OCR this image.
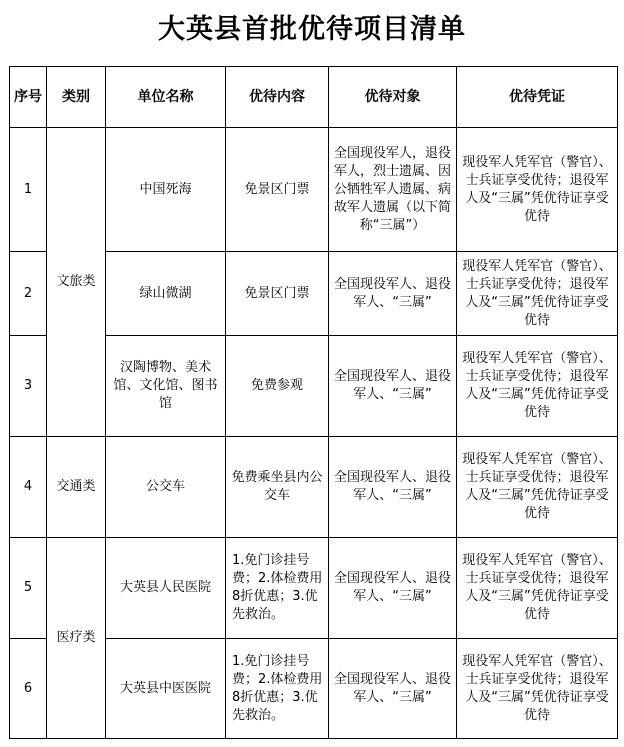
大英县首批优待项目清单
序号	类别	单位名称	优待内容	优待对象	优待凭证
1	文旅类	中国死海	免景区门票	全国现役军人，退役军人，烈士遗属、因公牺牲军人遗属、病故军人遗属（以下简称“三属”）	现役军人凭军官（警官）、士兵证享受优待；退役军人及“三属”凭优待证享受优待
2		绿山微湖	免景区门票	全国现役军人、退役军人、“三属”	现役军人凭军官（警官）、士兵证享受优待；退役军人及“三属”凭优待证享受优待
3		汉陶博物、美术馆、文化馆、图书馆	免费参观	全国现役军人、退役军人、“三属”	现役军人凭军官（警官）、士兵证享受优待；退役军人及“三属”凭优待证享受优待
4	交通类	公交车	免费乘坐县内公交车	全国现役军人、退役军人、“三属”	现役军人凭军官（警官）、士兵证享受优待；退役军人及“三属”凭优待证享受优待
5	医疗类	大英县人民医院	1.免门诊挂号费；2.体检费用8折优惠；3.优先救治。	全国现役军人、退役军人、“三属”	现役军人凭军官（警官）、士兵证享受优待；退役军人及“三属”凭优待证享受优待
6		大英县中医医院	1.免门诊挂号费；2.体检费用8折优惠；3.优先救治。	全国现役军人、退役军人、“三属”	现役军人凭军官（警官）、士兵证享受优待；退役军人及“三属”凭优待证享受优待
